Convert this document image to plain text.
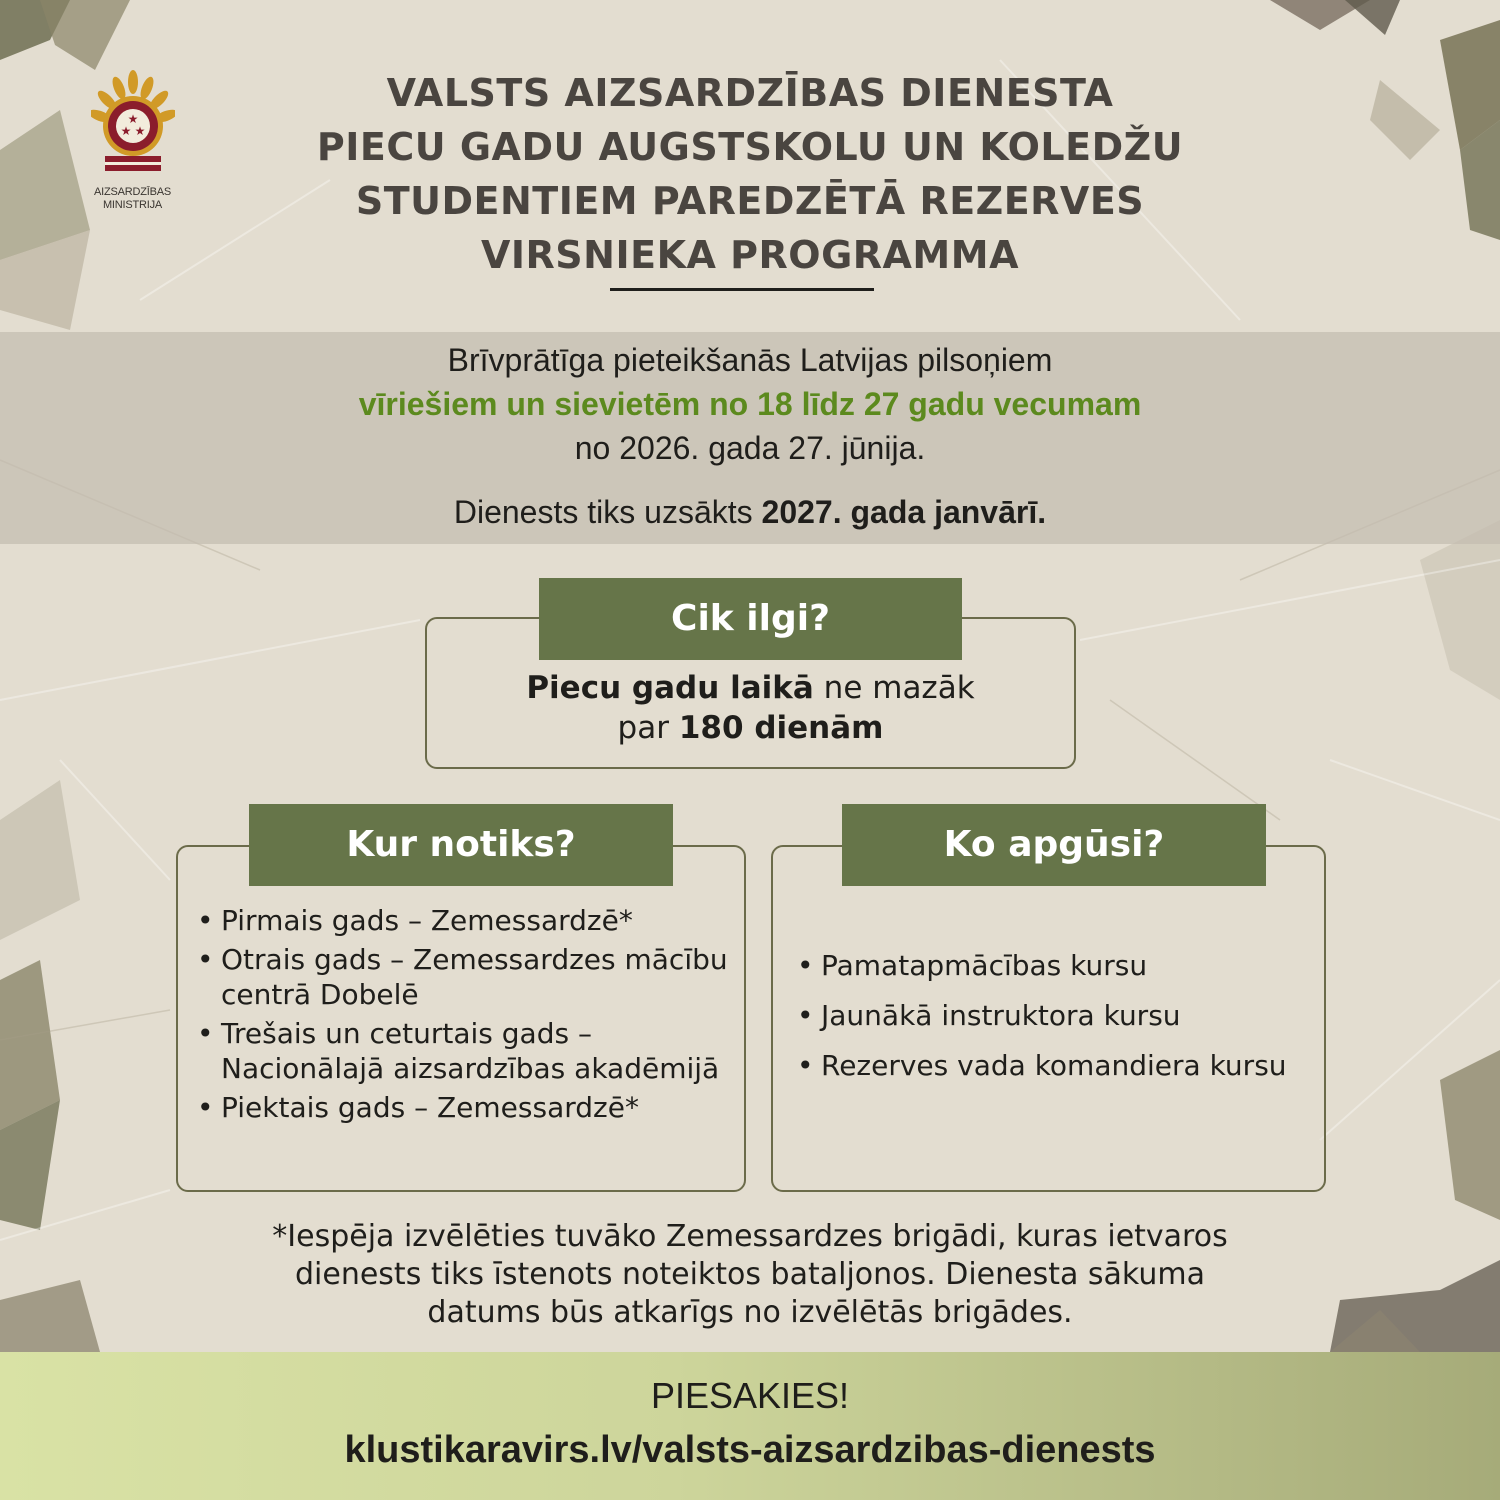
★
★ ★
AIZSARDZĪBAS
MINISTRIJA
VALSTS AIZSARDZĪBAS DIENESTA
PIECU GADU AUGSTSKOLU UN KOLEDŽU
STUDENTIEM PAREDZĒTĀ REZERVES
VIRSNIEKA PROGRAMMA
Brīvprātīga pieteikšanās Latvijas pilsoņiem
vīriešiem un sievietēm no 18 līdz 27 gadu vecumam
no 2026. gada 27. jūnija.
Dienests tiks uzsākts 2027. gada janvārī.
Cik ilgi?
Piecu gadu laikā ne mazāk
par 180 dienām
Kur notiks?
• Pirmais gads – Zemessardzē*
• Otrais gads – Zemessardzes mācību centrā Dobelē
• Trešais un ceturtais gads – Nacionālajā aizsardzības akadēmijā
• Piektais gads – Zemessardzē*
Ko apgūsi?
• Pamatapmācības kursu
• Jaunākā instruktora kursu
• Rezerves vada komandiera kursu
*Iespēja izvēlēties tuvāko Zemessardzes brigādi, kuras ietvaros
dienests tiks īstenots noteiktos bataljonos. Dienesta sākuma
datums būs atkarīgs no izvēlētās brigādes.
PIESAKIES!
klustikaravirs.lv/valsts-aizsardzibas-dienests
